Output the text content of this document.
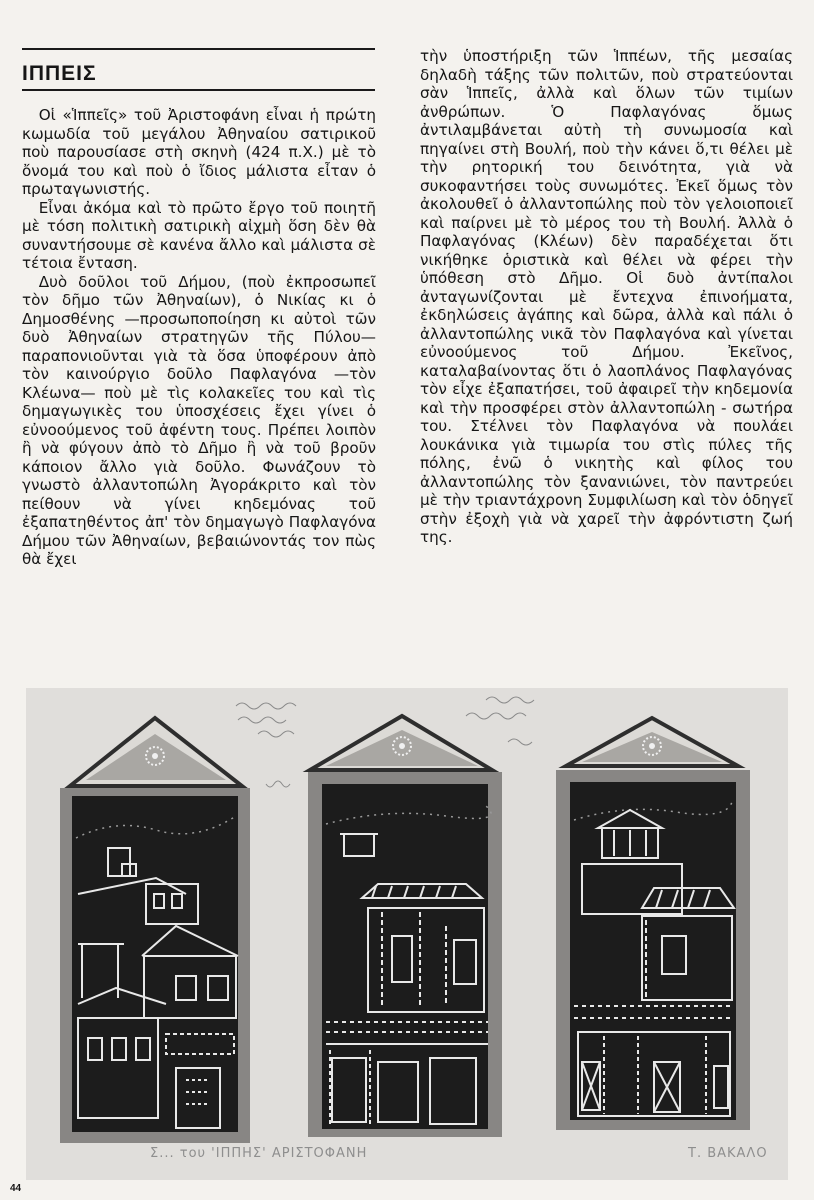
ΙΠΠΕΙΣ

Οἱ «Ἱππεῖς» τοῦ Ἀριστοφάνη εἶναι ἡ πρώτη κωμωδία τοῦ μεγάλου Ἀθηναίου σατιρικοῦ ποὺ παρουσίασε στὴ σκηνὴ (424 π.Χ.) μὲ τὸ ὄνομά του καὶ ποὺ ὁ ἴδιος μάλιστα εἶταν ὁ πρωταγωνιστής.

Εἶναι ἀκόμα καὶ τὸ πρῶτο ἔργο τοῦ ποιητῆ μὲ τόση πολιτικὴ σατιρικὴ αἰχμὴ ὅση δὲν θὰ συναντήσουμε σὲ κανένα ἄλλο καὶ μάλιστα σὲ τέτοια ἔνταση.

Δυὸ δοῦλοι τοῦ Δήμου, (ποὺ ἐκπροσωπεῖ τὸν δῆμο τῶν Ἀθηναίων), ὁ Νικίας κι ὁ Δημοσθένης —προσωποποίηση κι αὐτοὶ τῶν δυὸ Ἀθηναίων στρατηγῶν τῆς Πύλου— παραπονιοῦνται γιὰ τὰ ὅσα ὑποφέρουν ἀπὸ τὸν καινούργιο δοῦλο Παφλαγόνα —τὸν Κλέωνα— ποὺ μὲ τὶς κολακεῖες του καὶ τὶς δημαγωγικὲς του ὑποσχέσεις ἔχει γίνει ὁ εὐνοούμενος τοῦ ἀφέντη τους. Πρέπει λοιπὸν ἢ νὰ φύγουν ἀπὸ τὸ Δῆμο ἢ νὰ τοῦ βροῦν κάποιον ἄλλο γιὰ δοῦλο. Φωνάζουν τὸ γνωστὸ ἀλλαντοπώλη Ἀγοράκριτο καὶ τὸν πείθουν νὰ γίνει κηδεμόνας τοῦ ἐξαπατηθέντος ἀπ' τὸν δημαγωγὸ Παφλαγόνα Δήμου τῶν Ἀθηναίων, βεβαιώνοντάς τον πὼς θὰ ἔχει

τὴν ὑποστήριξη τῶν Ἱππέων, τῆς μεσαίας δηλαδὴ τάξης τῶν πολιτῶν, ποὺ στρατεύονται σὰν Ἱππεῖς, ἀλλὰ καὶ ὅλων τῶν τιμίων ἀνθρώπων. Ὁ Παφλαγόνας ὅμως ἀντιλαμβάνεται αὐτὴ τὴ συνωμοσία καὶ πηγαίνει στὴ Βουλή, ποὺ τὴν κάνει ὅ,τι θέλει μὲ τὴν ρητορική του δεινότητα, γιὰ νὰ συκοφαντήσει τοὺς συνωμότες. Ἐκεῖ ὅμως τὸν ἀκολουθεῖ ὁ ἀλλαντοπώλης ποὺ τὸν γελοιοποιεῖ καὶ παίρνει μὲ τὸ μέρος του τὴ Βουλή. Ἀλλὰ ὁ Παφλαγόνας (Κλέων) δὲν παραδέχεται ὅτι νικήθηκε ὁριστικὰ καὶ θέλει νὰ φέρει τὴν ὑπόθεση στὸ Δῆμο. Οἱ δυὸ ἀντίπαλοι ἀνταγωνίζονται μὲ ἔντεχνα ἐπινοήματα, ἐκδηλώσεις ἀγάπης καὶ δῶρα, ἀλλὰ καὶ πάλι ὁ ἀλλαντοπώλης νικᾶ τὸν Παφλαγόνα καὶ γίνεται εὐνοούμενος τοῦ Δήμου. Ἐκεῖνος, καταλαβαίνοντας ὅτι ὁ λαοπλάνος Παφλαγόνας τὸν εἶχε ἐξαπατήσει, τοῦ ἀφαιρεῖ τὴν κηδεμονία καὶ τὴν προσφέρει στὸν ἀλλαντοπώλη - σωτήρα του. Στέλνει τὸν Παφλαγόνα νὰ πουλάει λουκάνικα γιὰ τιμωρία του στὶς πύλες τῆς πόλης, ἐνῶ ὁ νικητὴς καὶ φίλος του ἀλλαντοπώλης τὸν ξανανιώνει, τὸν παντρεύει μὲ τὴν τριαντάχρονη Συμφιλίωση καὶ τὸν ὁδηγεῖ στὴν ἐξοχὴ γιὰ νὰ χαρεῖ τὴν ἀφρόντιστη ζωή της.

Σ... του 'ΙΠΠΗΣ' ΑΡΙΣΤΟΦΑΝΗ	Τ. ΒΑΚΑΛΟ
44
